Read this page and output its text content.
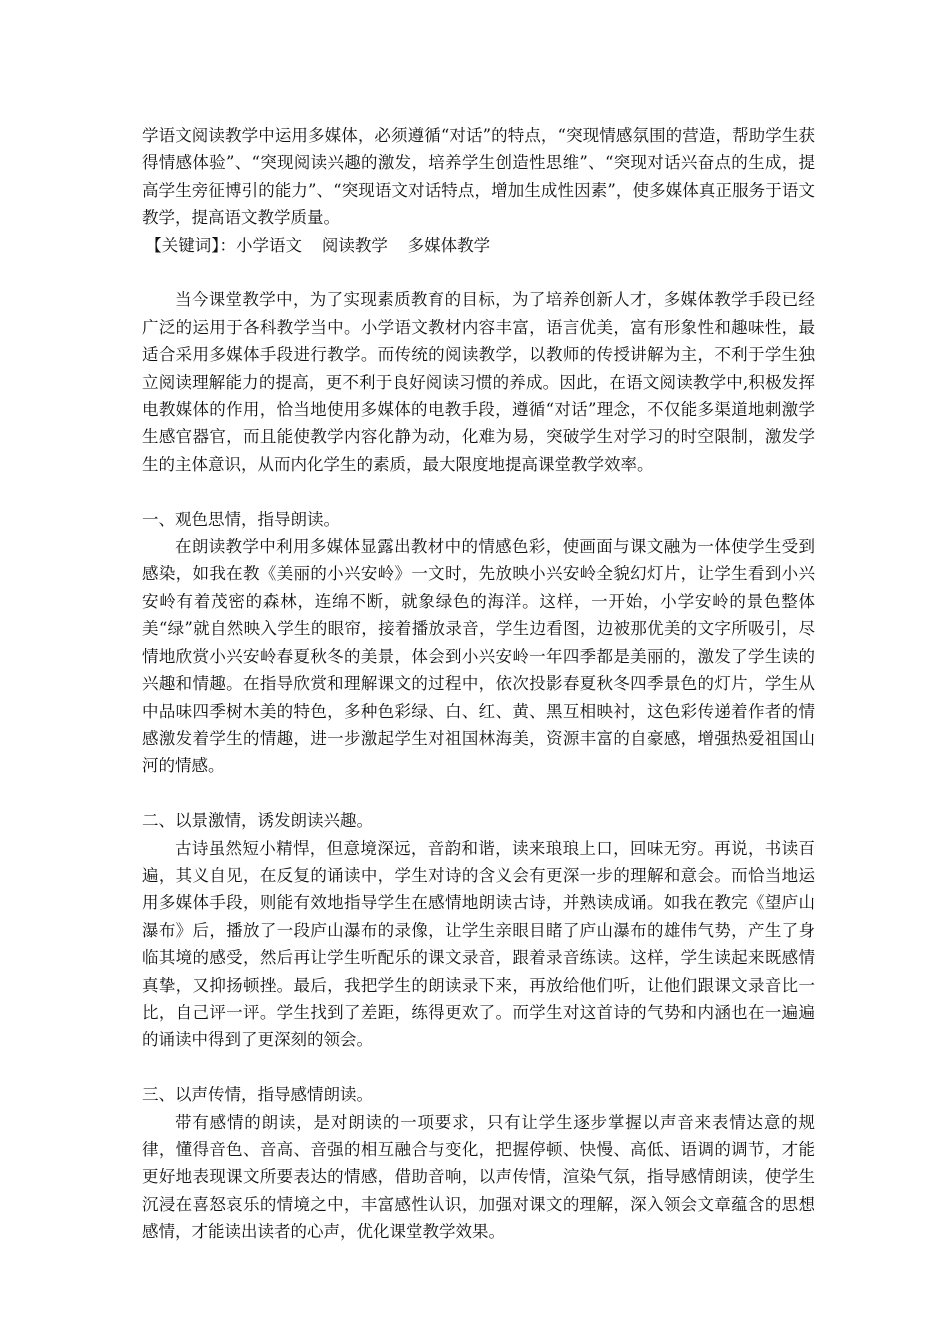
学语文阅读教学中运用多媒体，必须遵循“对话”的特点，“突现情感氛围的营造，帮助学生获得情感体验”、“突现阅读兴趣的激发，培养学生创造性思维”、“突现对话兴奋点的生成，提高学生旁征博引的能力”、“突现语文对话特点，增加生成性因素”，使多媒体真正服务于语文教学，提高语文教学质量。

【关键词】：小学语文 阅读教学 多媒体教学

当今课堂教学中，为了实现素质教育的目标，为了培养创新人才，多媒体教学手段已经广泛的运用于各科教学当中。小学语文教材内容丰富，语言优美，富有形象性和趣味性，最适合采用多媒体手段进行教学。而传统的阅读教学，以教师的传授讲解为主，不利于学生独立阅读理解能力的提高，更不利于良好阅读习惯的养成。因此，在语文阅读教学中,积极发挥电教媒体的作用，恰当地使用多媒体的电教手段，遵循“对话”理念，不仅能多渠道地刺激学生感官器官，而且能使教学内容化静为动，化难为易，突破学生对学习的时空限制，激发学生的主体意识，从而内化学生的素质，最大限度地提高课堂教学效率。

一、观色思情，指导朗读。

在朗读教学中利用多媒体显露出教材中的情感色彩，使画面与课文融为一体使学生受到感染，如我在教《美丽的小兴安岭》一文时，先放映小兴安岭全貌幻灯片，让学生看到小兴安岭有着茂密的森林，连绵不断，就象绿色的海洋。这样，一开始，小学安岭的景色整体美“绿”就自然映入学生的眼帘，接着播放录音，学生边看图，边被那优美的文字所吸引，尽情地欣赏小兴安岭春夏秋冬的美景，体会到小兴安岭一年四季都是美丽的，激发了学生读的兴趣和情趣。在指导欣赏和理解课文的过程中，依次投影春夏秋冬四季景色的灯片，学生从中品味四季树木美的特色，多种色彩绿、白、红、黄、黑互相映衬，这色彩传递着作者的情感激发着学生的情趣，进一步激起学生对祖国林海美，资源丰富的自豪感，增强热爱祖国山河的情感。

二、以景激情，诱发朗读兴趣。

古诗虽然短小精悍，但意境深远，音韵和谐，读来琅琅上口，回味无穷。再说，书读百遍，其义自见，在反复的诵读中，学生对诗的含义会有更深一步的理解和意会。而恰当地运用多媒体手段，则能有效地指导学生在感情地朗读古诗，并熟读成诵。如我在教完《望庐山瀑布》后，播放了一段庐山瀑布的录像，让学生亲眼目睹了庐山瀑布的雄伟气势，产生了身临其境的感受，然后再让学生听配乐的课文录音，跟着录音练读。这样，学生读起来既感情真挚，又抑扬顿挫。最后，我把学生的朗读录下来，再放给他们听，让他们跟课文录音比一比，自己评一评。学生找到了差距，练得更欢了。而学生对这首诗的气势和内涵也在一遍遍的诵读中得到了更深刻的领会。

三、以声传情，指导感情朗读。

带有感情的朗读，是对朗读的一项要求，只有让学生逐步掌握以声音来表情达意的规律，懂得音色、音高、音强的相互融合与变化，把握停顿、快慢、高低、语调的调节，才能更好地表现课文所要表达的情感，借助音响，以声传情，渲染气氛，指导感情朗读，使学生沉浸在喜怒哀乐的情境之中，丰富感性认识，加强对课文的理解，深入领会文章蕴含的思想感情，才能读出读者的心声，优化课堂教学效果。
